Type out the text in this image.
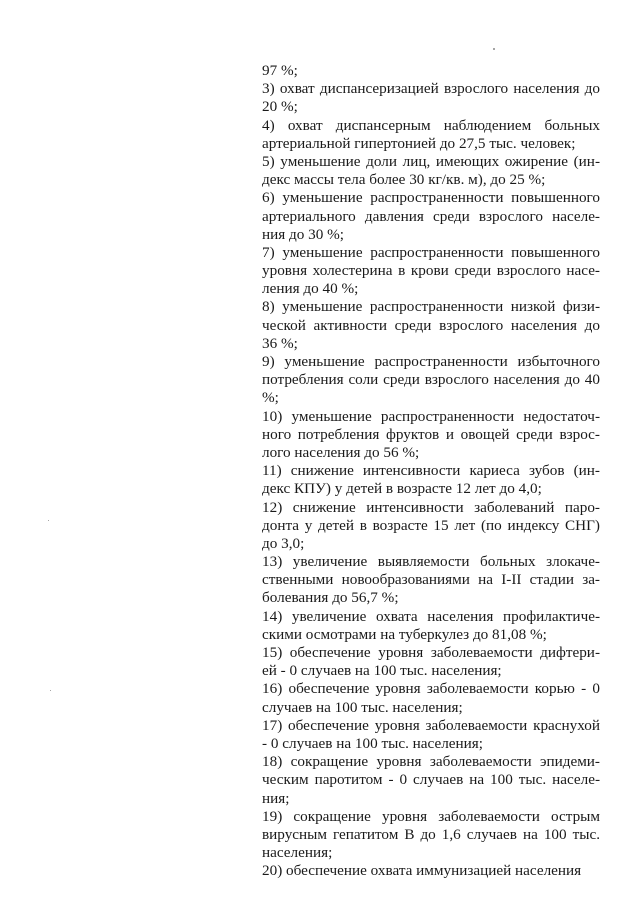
97 %;
3) охват диспансеризацией взрослого населения до
20 %;
4)  охват  диспансерным  наблюдением  больных
артериальной гипертонией до 27,5 тыс. человек;
5) уменьшение доли лиц, имеющих ожирение (ин-
декс массы тела более 30 кг/кв. м), до 25 %;
6) уменьшение распространенности повышенного
артериального давления среди взрослого населе-
ния до 30 %;
7) уменьшение распространенности повышенного
уровня холестерина в крови среди взрослого насе-
ления до 40 %;
8) уменьшение распространенности низкой физи-
ческой активности среди взрослого населения до
36 %;
9)  уменьшение  распространенности  избыточного
потребления соли среди взрослого населения до 40
%;
10) уменьшение распространенности недостаточ-
ного потребления фруктов и овощей среди взрос-
лого населения до 56 %;
11) снижение интенсивности кариеса зубов (ин-
декс КПУ) у детей в возрасте 12 лет до 4,0;
12) снижение интенсивности заболеваний паро-
донта у детей в возрасте 15 лет (по индексу СНГ)
до 3,0;
13) увеличение выявляемости больных злокаче-
ственными новообразованиями на I-II стадии за-
болевания до 56,7 %;
14) увеличение охвата населения профилактиче-
скими осмотрами на туберкулез до 81,08 %;
15) обеспечение уровня заболеваемости дифтери-
ей - 0 случаев на 100 тыс. населения;
16) обеспечение уровня заболеваемости корью - 0
случаев на 100 тыс. населения;
17) обеспечение уровня заболеваемости краснухой
- 0 случаев на 100 тыс. населения;
18) сокращение уровня заболеваемости эпидеми-
ческим паротитом - 0 случаев на 100 тыс. населе-
ния;
19)  сокращение  уровня  заболеваемости  острым
вирусным гепатитом В до 1,6 случаев на 100 тыс.
населения;
20) обеспечение охвата иммунизацией населения
